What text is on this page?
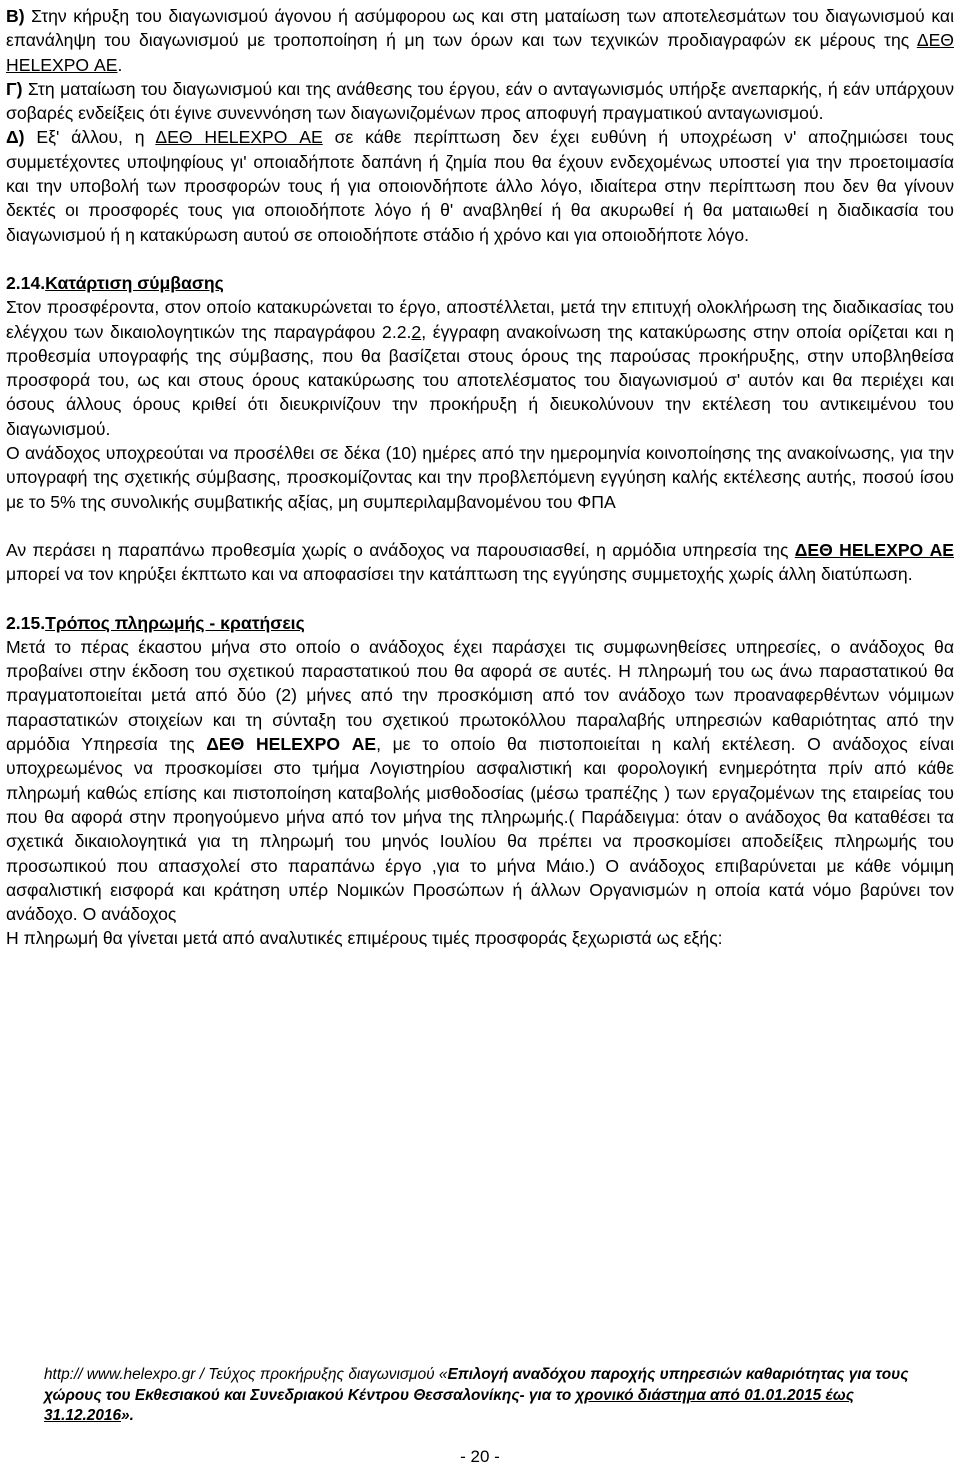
Β) Στην κήρυξη του διαγωνισμού άγονου ή ασύμφορου ως και στη ματαίωση των αποτελεσμάτων του διαγωνισμού και επανάληψη του διαγωνισμού με τροποποίηση ή μη των όρων και των τεχνικών προδιαγραφών εκ μέρους της ΔΕΘ HELEXPO ΑΕ.

Γ) Στη ματαίωση του διαγωνισμού και της ανάθεσης του έργου, εάν ο ανταγωνισμός υπήρξε ανεπαρκής, ή εάν υπάρχουν σοβαρές ενδείξεις ότι έγινε συνεννόηση των διαγωνιζομένων προς αποφυγή πραγματικού ανταγωνισμού.

Δ) Εξ' άλλου, η ΔΕΘ HELEXPO ΑΕ σε κάθε περίπτωση δεν έχει ευθύνη ή υποχρέωση ν' αποζημιώσει τους συμμετέχοντες υποψηφίους γι' οποιαδήποτε δαπάνη ή ζημία που θα έχουν ενδεχομένως υποστεί για την προετοιμασία και την υποβολή των προσφορών τους ή για οποιονδήποτε άλλο λόγο, ιδιαίτερα στην περίπτωση που δεν θα γίνουν δεκτές οι προσφορές τους για οποιοδήποτε λόγο ή θ' αναβληθεί ή θα ακυρωθεί ή θα ματαιωθεί η διαδικασία του διαγωνισμού ή η κατακύρωση αυτού σε οποιοδήποτε στάδιο ή χρόνο και για οποιοδήποτε λόγο.

2.14.Κατάρτιση σύμβασης

Στον προσφέροντα, στον οποίο κατακυρώνεται το έργο, αποστέλλεται, μετά την επιτυχή ολοκλήρωση της διαδικασίας του ελέγχου των δικαιολογητικών της παραγράφου 2.2.2, έγγραφη ανακοίνωση της κατακύρωσης στην οποία ορίζεται και η προθεσμία υπογραφής της σύμβασης, που θα βασίζεται στους όρους της παρούσας προκήρυξης, στην υποβληθείσα προσφορά του, ως και στους όρους κατακύρωσης του αποτελέσματος του διαγωνισμού σ' αυτόν και θα περιέχει και όσους άλλους όρους κριθεί ότι διευκρινίζουν την προκήρυξη ή διευκολύνουν την εκτέλεση του αντικειμένου του διαγωνισμού.

Ο ανάδοχος υποχρεούται να προσέλθει σε δέκα (10) ημέρες από την ημερομηνία κοινοποίησης της ανακοίνωσης, για την υπογραφή της σχετικής σύμβασης, προσκομίζοντας και την προβλεπόμενη εγγύηση καλής εκτέλεσης αυτής, ποσού ίσου με το 5% της συνολικής συμβατικής αξίας, μη συμπεριλαμβανομένου του ΦΠΑ

Αν περάσει η παραπάνω προθεσμία χωρίς ο ανάδοχος να παρουσιασθεί, η αρμόδια υπηρεσία της ΔΕΘ HELEXPO ΑΕ μπορεί να τον κηρύξει έκπτωτο και να αποφασίσει την κατάπτωση της εγγύησης συμμετοχής χωρίς άλλη διατύπωση.

2.15.Τρόπος πληρωμής - κρατήσεις

Μετά το πέρας έκαστου μήνα στο οποίο ο ανάδοχος έχει παράσχει τις συμφωνηθείσες υπηρεσίες, ο ανάδοχος θα προβαίνει στην έκδοση του σχετικού παραστατικού που θα αφορά σε αυτές. Η πληρωμή του ως άνω παραστατικού θα πραγματοποιείται μετά από δύο (2) μήνες από την προσκόμιση από τον ανάδοχο των προαναφερθέντων νόμιμων παραστατικών στοιχείων και τη σύνταξη του σχετικού πρωτοκόλλου παραλαβής υπηρεσιών καθαριότητας από την αρμόδια Υπηρεσία της ΔΕΘ HELEXPO ΑΕ, με το οποίο θα πιστοποιείται η καλή εκτέλεση. Ο ανάδοχος είναι υποχρεωμένος να προσκομίσει στο τμήμα Λογιστηρίου ασφαλιστική και φορολογική ενημερότητα πρίν από κάθε πληρωμή καθώς επίσης και πιστοποίηση καταβολής μισθοδοσίας (μέσω τραπέζης ) των εργαζομένων της εταιρείας του που θα αφορά στην προηγούμενο μήνα από τον μήνα της πληρωμής.( Παράδειγμα: όταν ο ανάδοχος θα καταθέσει τα σχετικά δικαιολογητικά για τη πληρωμή του μηνός Ιουλίου θα πρέπει να προσκομίσει αποδείξεις πληρωμής του προσωπικού που απασχολεί στο παραπάνω έργο ,για το μήνα Μάιο.) Ο ανάδοχος επιβαρύνεται με κάθε νόμιμη ασφαλιστική εισφορά και κράτηση υπέρ Νομικών Προσώπων ή άλλων Οργανισμών η οποία κατά νόμο βαρύνει τον ανάδοχο. Ο ανάδοχος

Η πληρωμή θα γίνεται μετά από αναλυτικές επιμέρους τιμές προσφοράς ξεχωριστά ως εξής:

http:// www.helexpo.gr / Τεύχος προκήρυξης διαγωνισμού «Επιλογή αναδόχου παροχής υπηρεσιών καθαριότητας για τους χώρους του Εκθεσιακού και Συνεδριακού Κέντρου Θεσσαλονίκης- για το χρονικό διάστημα από 01.01.2015 έως 31.12.2016».
- 20 -
